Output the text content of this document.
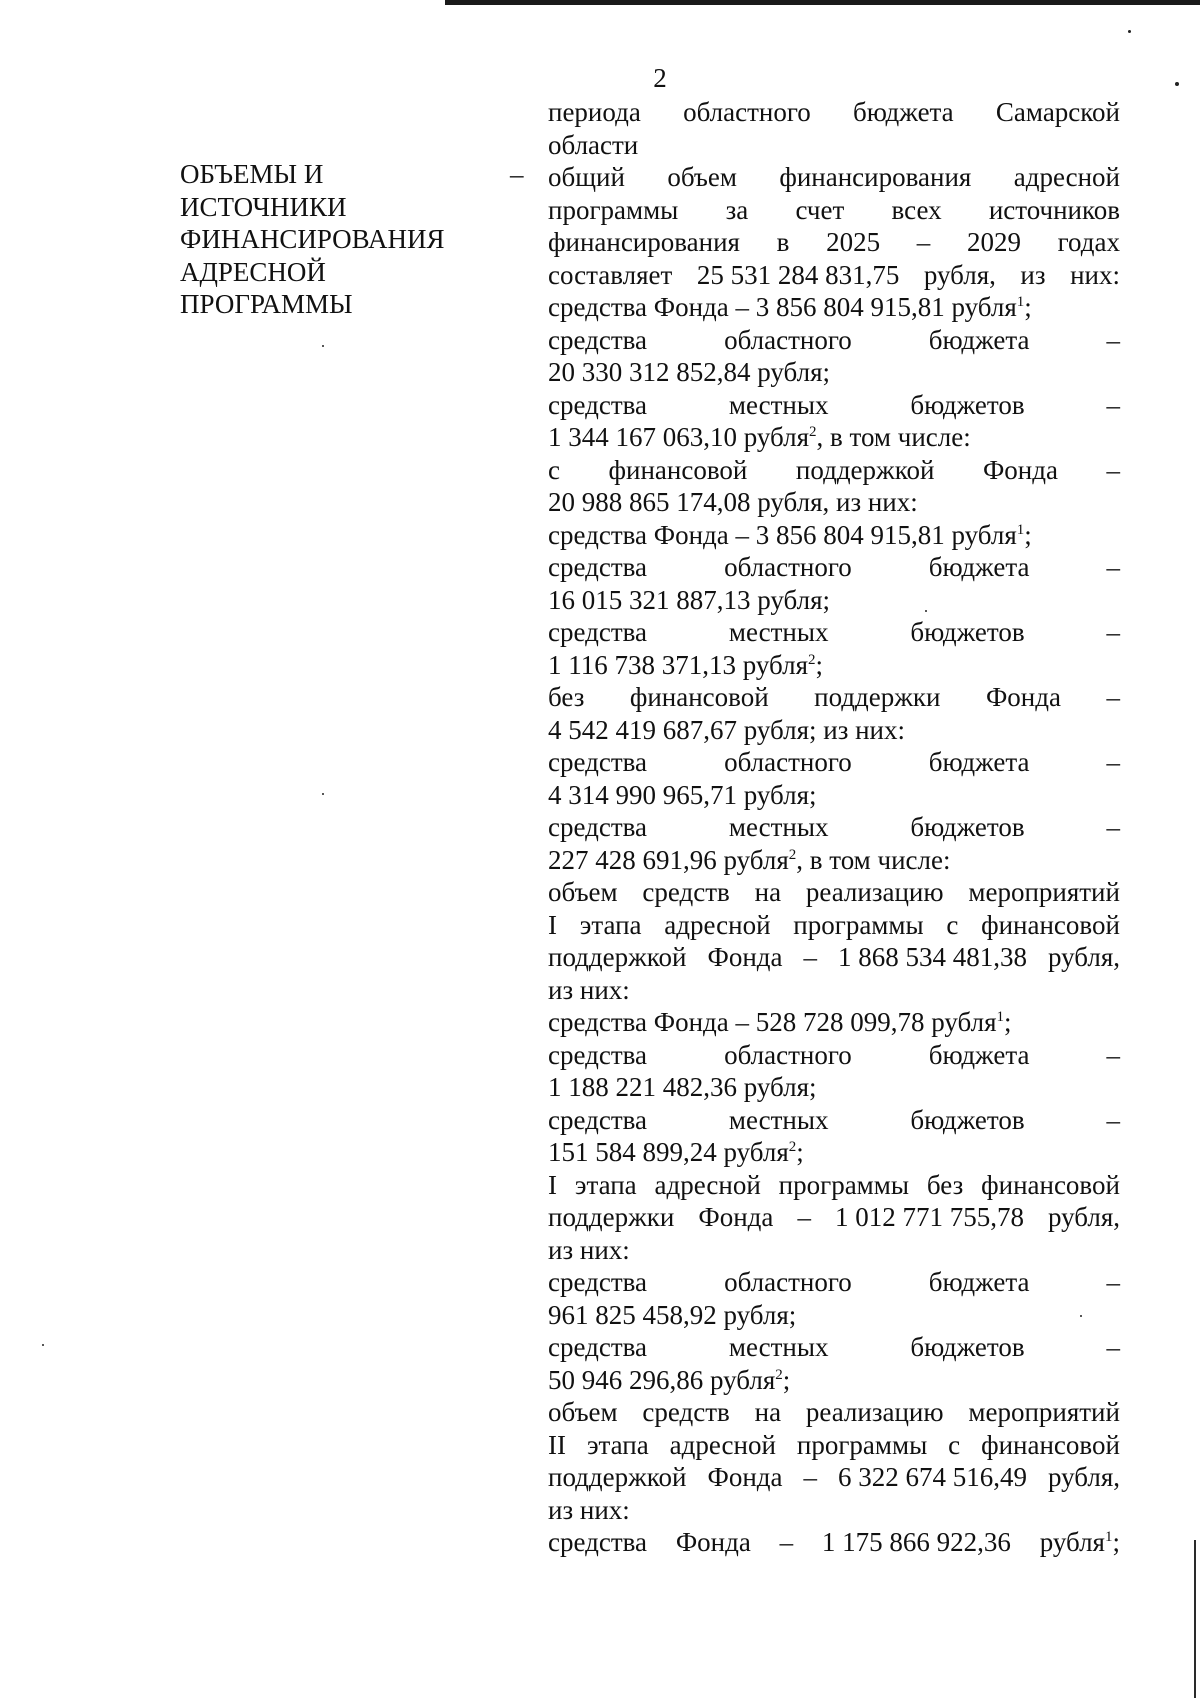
2
ОБЪЕМЫ И
ИСТОЧНИКИ
ФИНАНСИРОВАНИЯ
АДРЕСНОЙ
ПРОГРАММЫ
–
периода областного бюджета Самарской
области
общий объем финансирования адресной
программы за счет всех источников
финансирования в 2025 – 2029 годах
составляет 25 531 284 831,75 рубля, из них:
средства Фонда – 3 856 804 915,81 рубля$^1$;
средства	областного	бюджета	–
20 330 312 852,84 рубля;
средства	местных	бюджетов	–
1 344 167 063,10 рубля$^2$, в том числе:
с финансовой поддержкой Фонда –
20 988 865 174,08 рубля, из них:
средства Фонда – 3 856 804 915,81 рубля$^1$;
средства	областного	бюджета	–
16 015 321 887,13 рубля;
средства	местных	бюджетов	–
1 116 738 371,13 рубля$^2$;
без финансовой поддержки Фонда –
4 542 419 687,67 рубля; из них:
средства	областного	бюджета	–
4 314 990 965,71 рубля;
средства	местных	бюджетов	–
227 428 691,96 рубля$^2$, в том числе:
объем средств на реализацию мероприятий
I этапа адресной программы с финансовой
поддержкой Фонда – 1 868 534 481,38 рубля,
из них:
средства Фонда – 528 728 099,78 рубля$^1$;
средства	областного	бюджета	–
1 188 221 482,36 рубля;
средства	местных	бюджетов	–
151 584 899,24 рубля$^2$;
I этапа адресной программы без финансовой
поддержки Фонда – 1 012 771 755,78 рубля,
из них:
средства	областного	бюджета	–
961 825 458,92 рубля;
средства	местных	бюджетов	–
50 946 296,86 рубля$^2$;
объем средств на реализацию мероприятий
II этапа адресной программы с финансовой
поддержкой Фонда – 6 322 674 516,49 рубля,
из них:
средства Фонда – 1 175 866 922,36 рубля$^1$;
